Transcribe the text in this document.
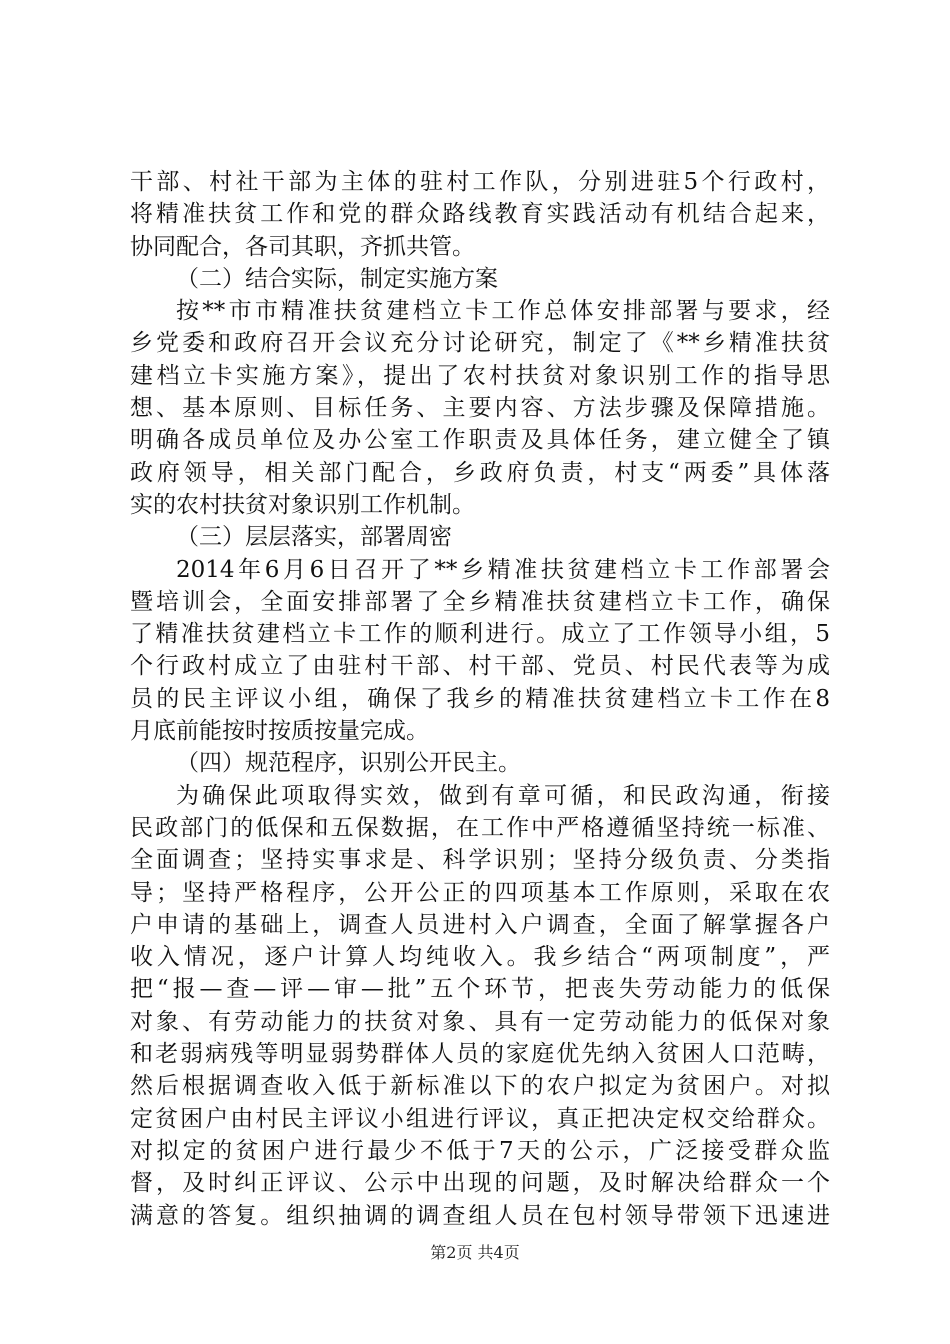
干部、村社干部为主体的驻村工作队，分别进驻5个行政村，
将精准扶贫工作和党的群众路线教育实践活动有机结合起来，
协同配合，各司其职，齐抓共管。
（二）结合实际，制定实施方案
按**市市精准扶贫建档立卡工作总体安排部署与要求，经
乡党委和政府召开会议充分讨论研究，制定了《**乡精准扶贫
建档立卡实施方案》，提出了农村扶贫对象识别工作的指导思
想、基本原则、目标任务、主要内容、方法步骤及保障措施。
明确各成员单位及办公室工作职责及具体任务，建立健全了镇
政府领导，相关部门配合，乡政府负责，村支“两委”具体落
实的农村扶贫对象识别工作机制。
（三）层层落实，部署周密
2014年6月6日召开了**乡精准扶贫建档立卡工作部署会
暨培训会，全面安排部署了全乡精准扶贫建档立卡工作，确保
了精准扶贫建档立卡工作的顺利进行。成立了工作领导小组，5
个行政村成立了由驻村干部、村干部、党员、村民代表等为成
员的民主评议小组，确保了我乡的精准扶贫建档立卡工作在8
月底前能按时按质按量完成。
（四）规范程序，识别公开民主。
为确保此项取得实效，做到有章可循，和民政沟通，衔接
民政部门的低保和五保数据，在工作中严格遵循坚持统一标准、
全面调查；坚持实事求是、科学识别；坚持分级负责、分类指
导；坚持严格程序，公开公正的四项基本工作原则，采取在农
户申请的基础上，调查人员进村入户调查，全面了解掌握各户
收入情况，逐户计算人均纯收入。我乡结合“两项制度”，严
把“报—查—评—审—批”五个环节，把丧失劳动能力的低保
对象、有劳动能力的扶贫对象、具有一定劳动能力的低保对象
和老弱病残等明显弱势群体人员的家庭优先纳入贫困人口范畴，
然后根据调查收入低于新标准以下的农户拟定为贫困户。对拟
定贫困户由村民主评议小组进行评议，真正把决定权交给群众。
对拟定的贫困户进行最少不低于7天的公示，广泛接受群众监
督，及时纠正评议、公示中出现的问题，及时解决给群众一个
满意的答复。组织抽调的调查组人员在包村领导带领下迅速进
第2页 共4页
